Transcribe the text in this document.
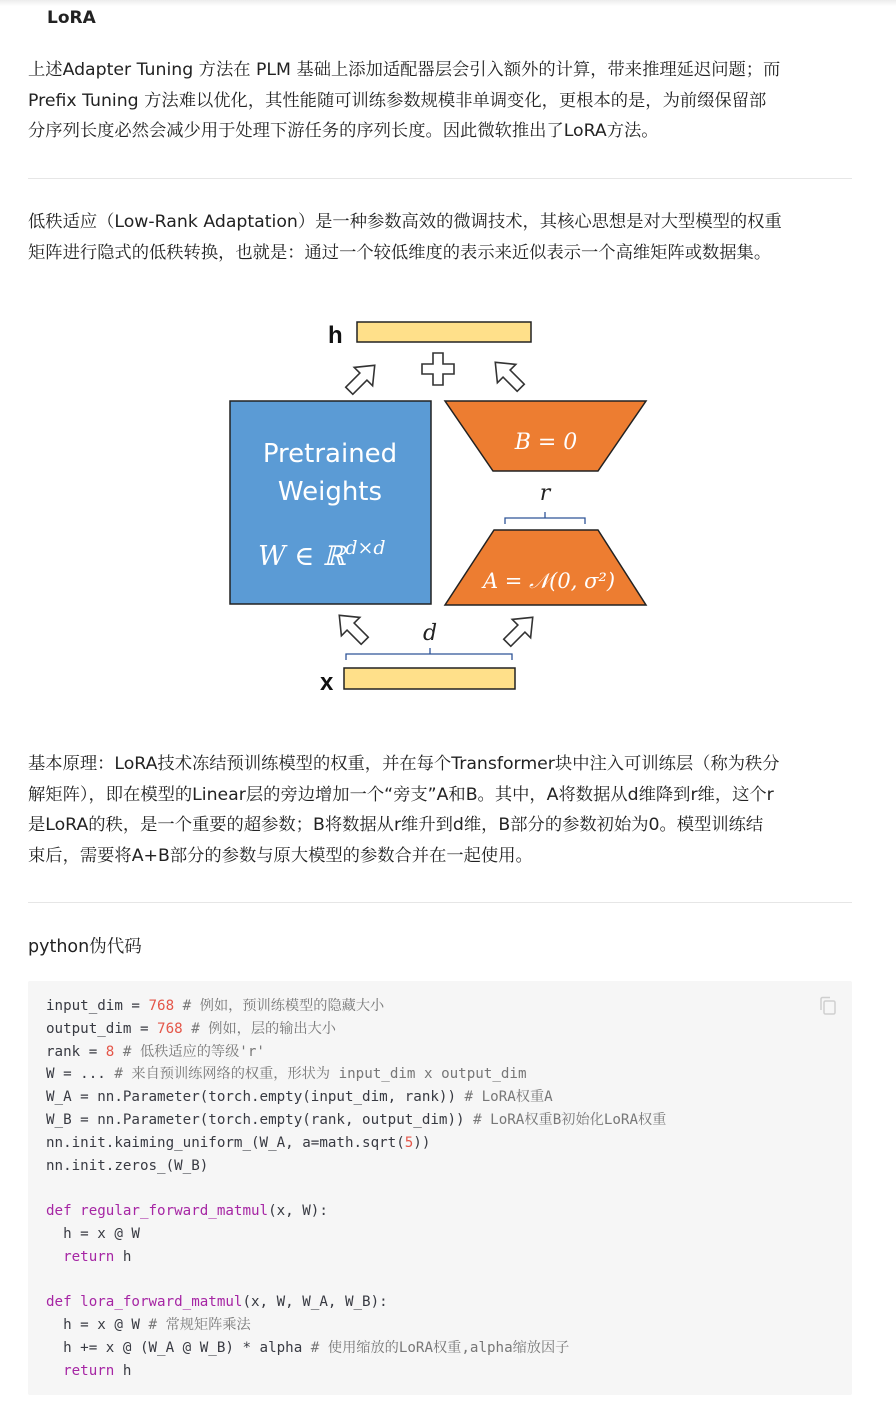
LoRA
上述Adapter Tuning 方法在 PLM 基础上添加适配器层会引入额外的计算，带来推理延迟问题；而
Prefix Tuning 方法难以优化，其性能随可训练参数规模非单调变化，更根本的是，为前缀保留部
分序列长度必然会减少用于处理下游任务的序列长度。因此微软推出了LoRA方法。
低秩适应（Low-Rank Adaptation）是一种参数高效的微调技术，其核心思想是对大型模型的权重
矩阵进行隐式的低秩转换，也就是：通过一个较低维度的表示来近似表示一个高维矩阵或数据集。
h
Pretrained
Weights
W ∈ ℝ$^{d\times d}$
B = 0
r
A = 𝒩(0, σ²)
d
x
基本原理：LoRA技术冻结预训练模型的权重，并在每个Transformer块中注入可训练层（称为秩分
解矩阵），即在模型的Linear层的旁边增加一个“旁支”A和B。其中，A将数据从d维降到r维，这个r
是LoRA的秩，是一个重要的超参数；B将数据从r维升到d维，B部分的参数初始为0。模型训练结
束后，需要将A+B部分的参数与原大模型的参数合并在一起使用。
python伪代码
input_dim = 768 # 例如，预训练模型的隐藏大小
output_dim = 768 # 例如，层的输出大小
rank = 8 # 低秩适应的等级'r'
W = ... # 来自预训练网络的权重，形状为 input_dim x output_dim
W_A = nn.Parameter(torch.empty(input_dim, rank)) # LoRA权重A
W_B = nn.Parameter(torch.empty(rank, output_dim)) # LoRA权重B初始化LoRA权重
nn.init.kaiming_uniform_(W_A, a=math.sqrt(5))
nn.init.zeros_(W_B)

def regular_forward_matmul(x, W):
h = x @ W
return h

def lora_forward_matmul(x, W, W_A, W_B):
h = x @ W # 常规矩阵乘法
h += x @ (W_A @ W_B) * alpha # 使用缩放的LoRA权重,alpha缩放因子
return h
